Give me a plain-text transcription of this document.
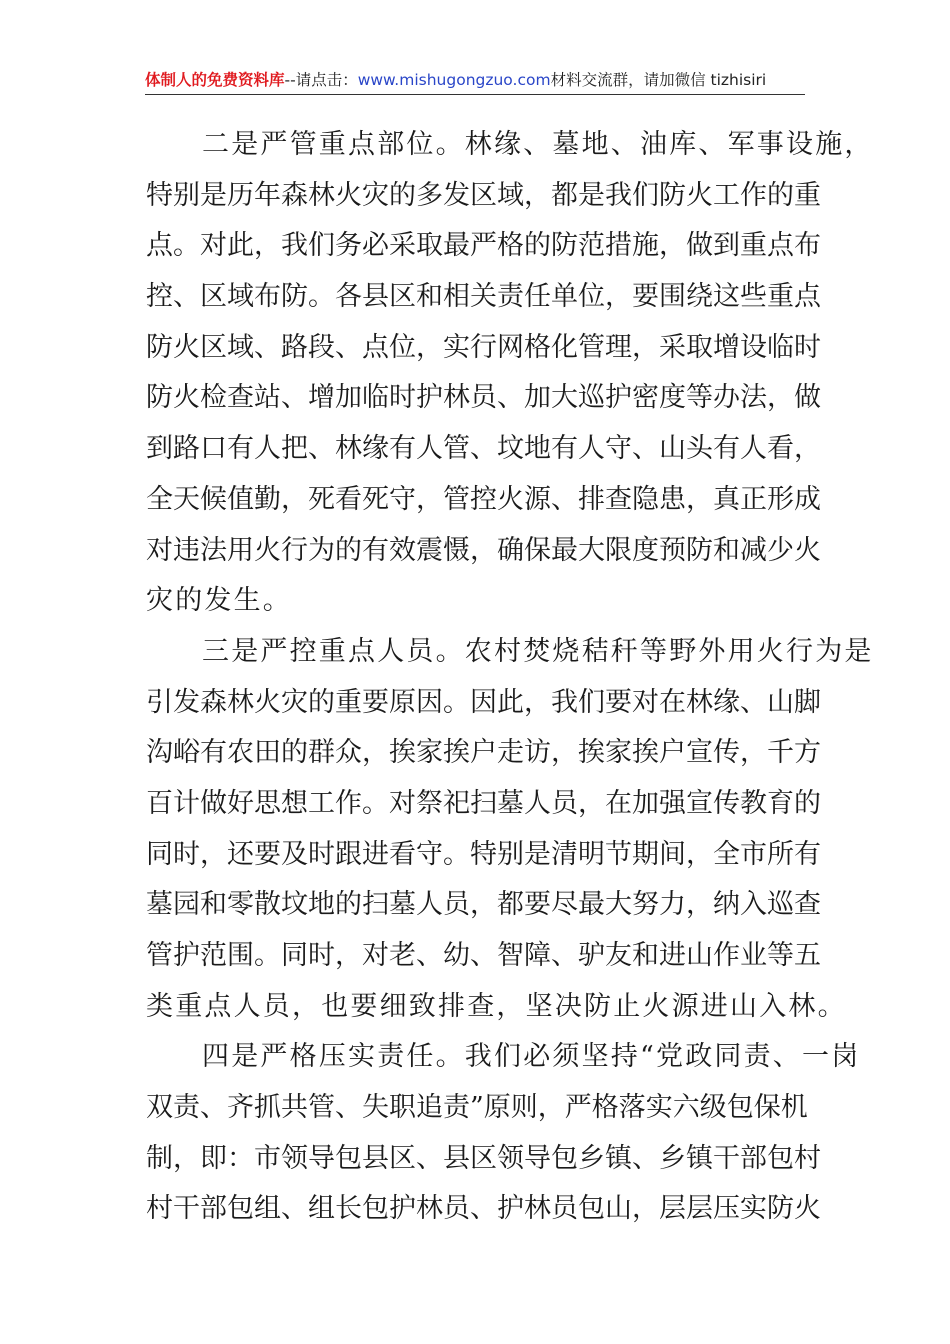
体制人的免费资料库--请点击：www.mishugongzuo.com材料交流群，请加微信 tizhisiri
二是严管重点部位。林缘、墓地、油库、军事设施，
特别是历年森林火灾的多发区域，都是我们防火工作的重
点。对此，我们务必采取最严格的防范措施，做到重点布
控、区域布防。各县区和相关责任单位，要围绕这些重点
防火区域、路段、点位，实行网格化管理，采取增设临时
防火检查站、增加临时护林员、加大巡护密度等办法，做
到路口有人把、林缘有人管、坟地有人守、山头有人看，
全天候值勤，死看死守，管控火源、排查隐患，真正形成
对违法用火行为的有效震慑，确保最大限度预防和减少火
灾的发生。
三是严控重点人员。农村焚烧秸秆等野外用火行为是
引发森林火灾的重要原因。因此，我们要对在林缘、山脚
沟峪有农田的群众，挨家挨户走访，挨家挨户宣传，千方
百计做好思想工作。对祭祀扫墓人员，在加强宣传教育的
同时，还要及时跟进看守。特别是清明节期间，全市所有
墓园和零散坟地的扫墓人员，都要尽最大努力，纳入巡查
管护范围。同时，对老、幼、智障、驴友和进山作业等五
类重点人员，也要细致排查，坚决防止火源进山入林。
四是严格压实责任。我们必须坚持“党政同责、一岗
双责、齐抓共管、失职追责”原则，严格落实六级包保机
制，即：市领导包县区、县区领导包乡镇、乡镇干部包村
村干部包组、组长包护林员、护林员包山，层层压实防火
